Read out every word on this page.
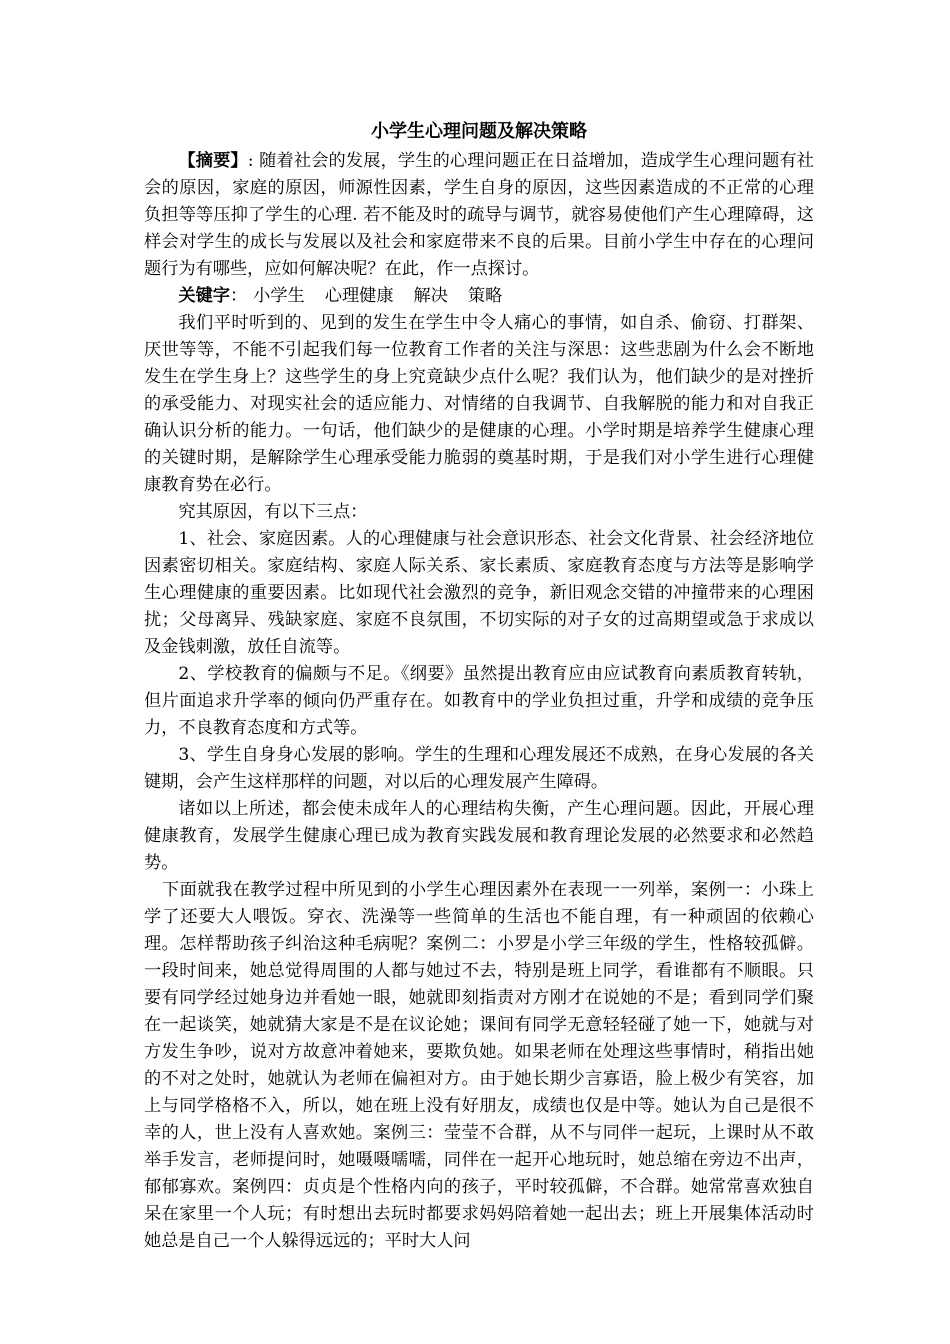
小学生心理问题及解决策略

【摘要】: 随着社会的发展，学生的心理问题正在日益增加，造成学生心理问题有社会的原因，家庭的原因，师源性因素，学生自身的原因，这些因素造成的不正常的心理负担等等压抑了学生的心理. 若不能及时的疏导与调节，就容易使他们产生心理障碍，这样会对学生的成长与发展以及社会和家庭带来不良的后果。目前小学生中存在的心理问题行为有哪些，应如何解决呢？在此，作一点探讨。

关键字： 小学生 心理健康 解决 策略

我们平时听到的、见到的发生在学生中令人痛心的事情，如自杀、偷窃、打群架、厌世等等，不能不引起我们每一位教育工作者的关注与深思：这些悲剧为什么会不断地发生在学生身上？这些学生的身上究竟缺少点什么呢？我们认为，他们缺少的是对挫折的承受能力、对现实社会的适应能力、对情绪的自我调节、自我解脱的能力和对自我正确认识分析的能力。一句话，他们缺少的是健康的心理。小学时期是培养学生健康心理的关键时期，是解除学生心理承受能力脆弱的奠基时期，于是我们对小学生进行心理健康教育势在必行。

究其原因，有以下三点：

1、社会、家庭因素。人的心理健康与社会意识形态、社会文化背景、社会经济地位因素密切相关。家庭结构、家庭人际关系、家长素质、家庭教育态度与方法等是影响学生心理健康的重要因素。比如现代社会激烈的竞争，新旧观念交错的冲撞带来的心理困扰；父母离异、残缺家庭、家庭不良氛围，不切实际的对子女的过高期望或急于求成以及金钱刺激，放任自流等。

2、学校教育的偏颇与不足。《纲要》虽然提出教育应由应试教育向素质教育转轨，但片面追求升学率的倾向仍严重存在。如教育中的学业负担过重，升学和成绩的竞争压力，不良教育态度和方式等。

3、学生自身身心发展的影响。学生的生理和心理发展还不成熟，在身心发展的各关键期，会产生这样那样的问题，对以后的心理发展产生障碍。

诸如以上所述，都会使未成年人的心理结构失衡，产生心理问题。因此，开展心理健康教育，发展学生健康心理已成为教育实践发展和教育理论发展的必然要求和必然趋势。

下面就我在教学过程中所见到的小学生心理因素外在表现一一列举，案例一：小珠上学了还要大人喂饭。穿衣、洗澡等一些简单的生活也不能自理，有一种顽固的依赖心理。怎样帮助孩子纠治这种毛病呢？案例二：小罗是小学三年级的学生，性格较孤僻。一段时间来，她总觉得周围的人都与她过不去，特别是班上同学，看谁都有不顺眼。只要有同学经过她身边并看她一眼，她就即刻指责对方刚才在说她的不是；看到同学们聚在一起谈笑，她就猜大家是不是在议论她；课间有同学无意轻轻碰了她一下，她就与对方发生争吵，说对方故意冲着她来，要欺负她。如果老师在处理这些事情时，稍指出她的不对之处时，她就认为老师在偏袒对方。由于她长期少言寡语，脸上极少有笑容，加上与同学格格不入，所以，她在班上没有好朋友，成绩也仅是中等。她认为自己是很不幸的人，世上没有人喜欢她。案例三：莹莹不合群，从不与同伴一起玩，上课时从不敢举手发言，老师提问时，她嗫嗫嚅嚅，同伴在一起开心地玩时，她总缩在旁边不出声，郁郁寡欢。案例四：贞贞是个性格内向的孩子，平时较孤僻，不合群。她常常喜欢独自呆在家里一个人玩；有时想出去玩时都要求妈妈陪着她一起出去；班上开展集体活动时她总是自己一个人躲得远远的；平时大人问
